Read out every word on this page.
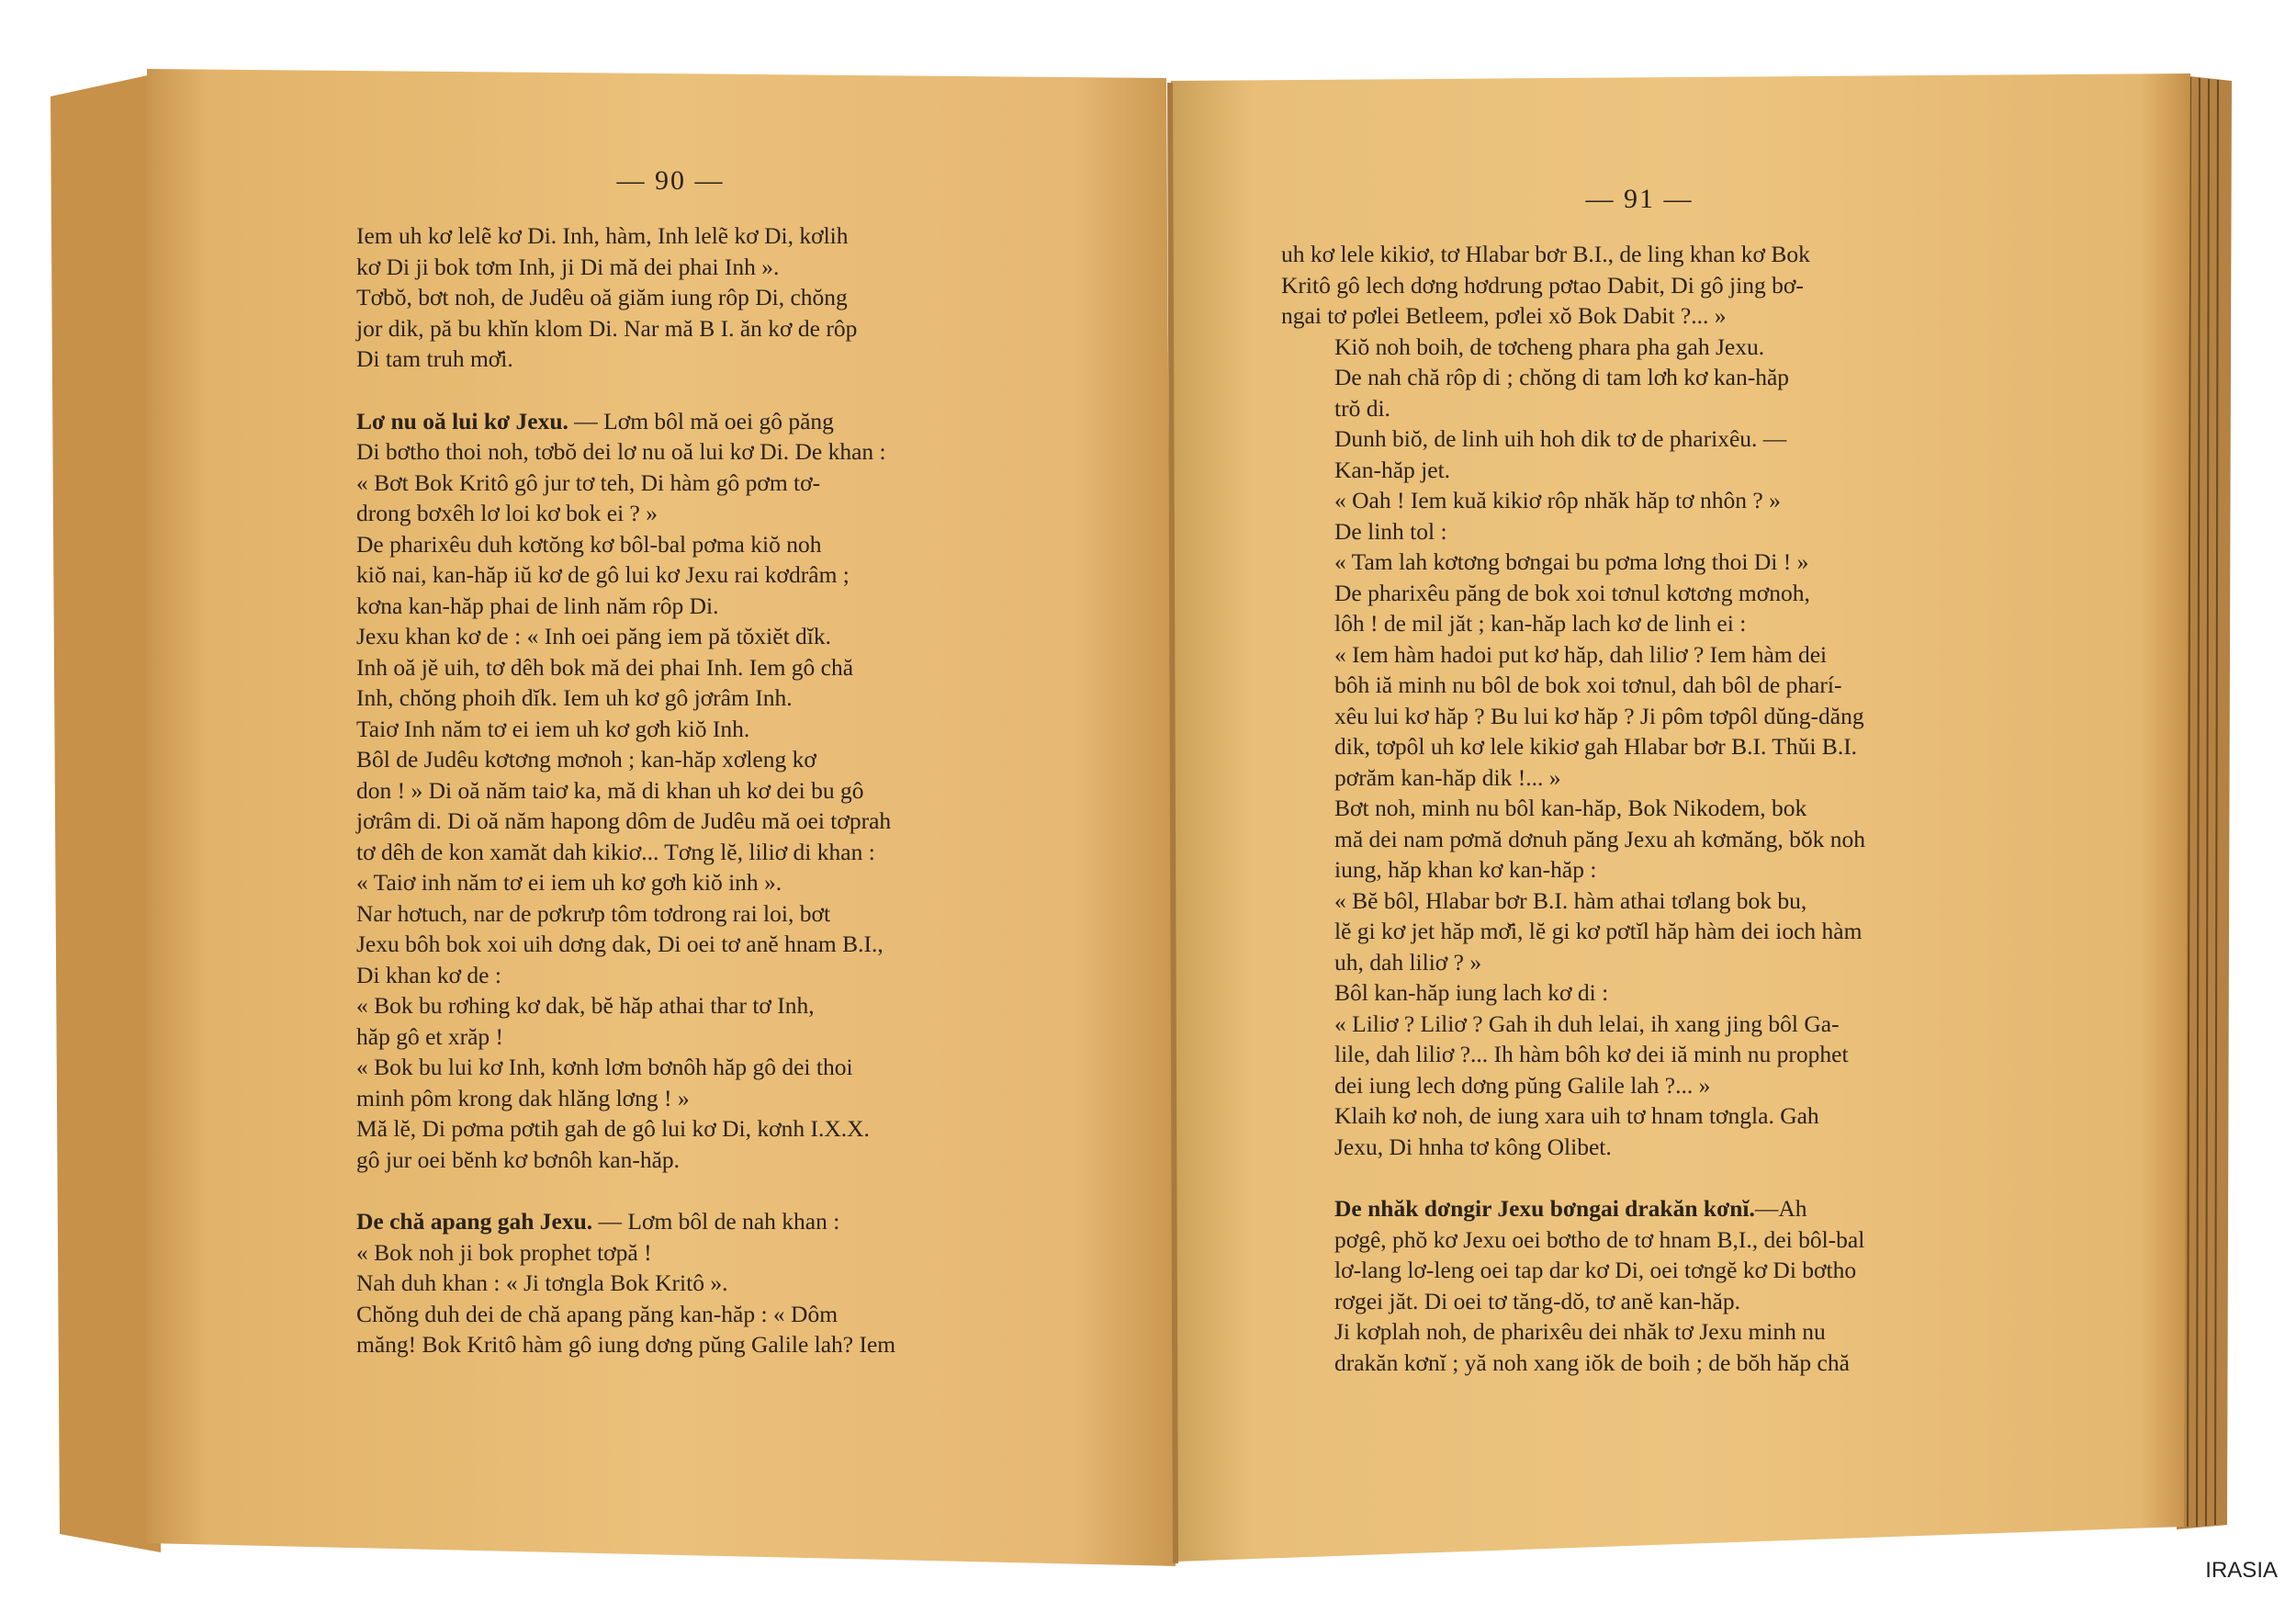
— 90 —

Iem uh kơ lelẽ kơ Di. Inh, hàm, Inh lelẽ kơ Di, kơlih
kơ Di ji bok tơm Inh, ji Di mă dei phai Inh ».

Tơbŏ, bơt noh, de Judêu oă giăm iung rôp Di, chŏng
jor dik, pă bu khĭn klom Di. Nar mă B I. ăn kơ de rôp
Di tam truh mơ̆i.

Lơ nu oă lui kơ Jexu. — Lơm bôl mă oei gô păng
Di bơtho thoi noh, tơbŏ dei lơ nu oă lui kơ Di. De khan :

« Bơt Bok Kritô gô jur tơ teh, Di hàm gô pơm tơ-
drong bơxêh lơ loi kơ bok ei ? »

De pharixêu duh kơtŏng kơ bôl-bal pơma kiŏ noh
kiŏ nai, kan-hăp iŭ kơ de gô lui kơ Jexu rai kơdrâm ;
kơna kan-hăp phai de linh năm rôp Di.

Jexu khan kơ de : « Inh oei păng iem pă tŏxiĕt dĭk.
Inh oă jĕ uih, tơ dêh bok mă dei phai Inh. Iem gô chă
Inh, chŏng phoih dĭk. Iem uh kơ gô jơrâm Inh.

Taiơ Inh năm tơ ei iem uh kơ gơh kiŏ Inh.

Bôl de Judêu kơtơng mơnoh ; kan-hăp xơleng kơ
don ! » Di oă năm taiơ ka, mă di khan uh kơ dei bu gô
jơrâm di. Di oă năm hapong dôm de Judêu mă oei tơprah
tơ dêh de kon xamăt dah kikiơ... Tơng lĕ, liliơ di khan :
« Taiơ inh năm tơ ei iem uh kơ gơh kiŏ inh ».

Nar hơtuch, nar de pơkrưp tôm tơdrong rai loi, bơt
Jexu bôh bok xoi uih dơng dak, Di oei tơ anĕ hnam B.I.,
Di khan kơ de :

« Bok bu rơhing kơ dak, bĕ hăp athai thar tơ Inh,
hăp gô et xrăp !

« Bok bu lui kơ Inh, kơnh lơm bơnôh hăp gô dei thoi
minh pôm krong dak hlăng lơng ! »

Mă lĕ, Di pơma pơtih gah de gô lui kơ Di, kơnh I.X.X.
gô jur oei bĕnh kơ bơnôh kan-hăp.

De chă apang gah Jexu. — Lơm bôl de nah khan :
« Bok noh ji bok prophet tơpă !

Nah duh khan : « Ji tơngla Bok Kritô ».

Chŏng duh dei de chă apang păng kan-hăp : « Dôm
măng! Bok Kritô hàm gô iung dơng pŭng Galile lah? Iem

— 91 —

uh kơ lele kikiơ, tơ Hlabar bơr B.I., de ling khan kơ Bok
Kritô gô lech dơng hơdrung pơtao Dabit, Di gô jing bơ-
ngai tơ pơlei Betleem, pơlei xŏ Bok Dabit ?... »

Kiŏ noh boih, de tơcheng phara pha gah Jexu.

De nah chă rôp di ; chŏng di tam lơh kơ kan-hăp
trŏ di.

Dunh biŏ, de linh uih hoh dik tơ de pharixêu. —
Kan-hăp jet.

« Oah ! Iem kuă kikiơ rôp nhăk hăp tơ nhôn ? »

De linh tol :

« Tam lah kơtơng bơngai bu pơma lơng thoi Di ! »

De pharixêu păng de bok xoi tơnul kơtơng mơnoh,
lôh ! de mil jăt ; kan-hăp lach kơ de linh ei :

« Iem hàm hadoi put kơ hăp, dah liliơ ? Iem hàm dei
bôh iă minh nu bôl de bok xoi tơnul, dah bôl de pharí-
xêu lui kơ hăp ? Bu lui kơ hăp ? Ji pôm tơpôl dŭng-dăng
dik, tơpôl uh kơ lele kikiơ gah Hlabar bơr B.I. Thŭi B.I.
pơrăm kan-hăp dik !... »

Bơt noh, minh nu bôl kan-hăp, Bok Nikodem, bok
mă dei nam pơmă dơnuh păng Jexu ah kơmăng, bŏk noh
iung, hăp khan kơ kan-hăp :

« Bĕ bôl, Hlabar bơr B.I. hàm athai tơlang bok bu,
lĕ gi kơ jet hăp mơ̆i, lĕ gi kơ pơtĭl hăp hàm dei ioch hàm
uh, dah liliơ ? »

Bôl kan-hăp iung lach kơ di :

« Liliơ ? Liliơ ? Gah ih duh lelai, ih xang jing bôl Ga-
lile, dah liliơ ?... Ih hàm bôh kơ dei iă minh nu prophet
dei iung lech dơng pŭng Galile lah ?... »

Klaih kơ noh, de iung xara uih tơ hnam tơngla. Gah
Jexu, Di hnha tơ kông Olibet.

De nhăk dơngir Jexu bơngai drakăn kơnĭ.—Ah
pơgê, phŏ kơ Jexu oei bơtho de tơ hnam B,I., dei bôl-bal
lơ-lang lơ-leng oei tap dar kơ Di, oei tơngĕ kơ Di bơtho
rơgei jăt. Di oei tơ tăng-dŏ, tơ anĕ kan-hăp.

Ji kơplah noh, de pharixêu dei nhăk tơ Jexu minh nu
drakăn kơnĭ ; yă noh xang iŏk de boih ; de bŏh hăp chă

IRASIA
